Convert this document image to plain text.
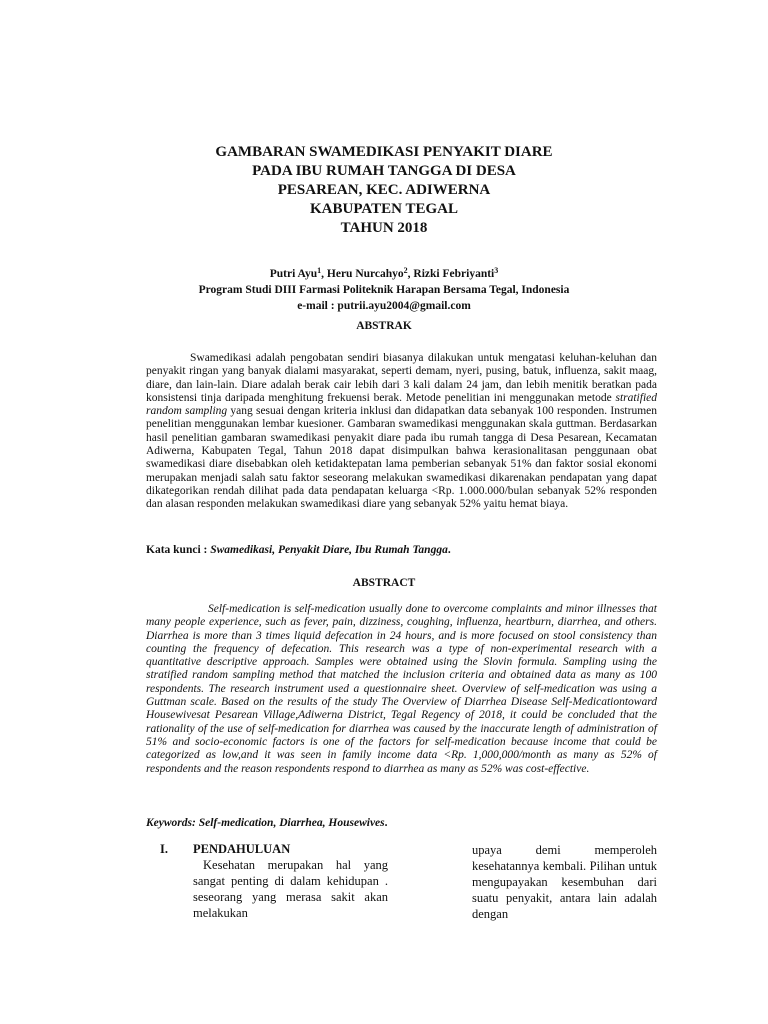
GAMBARAN SWAMEDIKASI PENYAKIT DIARE
PADA IBU RUMAH TANGGA DI DESA
PESAREAN, KEC. ADIWERNA
KABUPATEN TEGAL
TAHUN 2018
Putri Ayu$^1$, Heru Nurcahyo$^2$, Rizki Febriyanti$^3$
Program Studi DIII Farmasi Politeknik Harapan Bersama Tegal, Indonesia
e-mail : putrii.ayu2004@gmail.com
ABSTRAK

Swamedikasi adalah pengobatan sendiri biasanya dilakukan untuk mengatasi keluhan-keluhan dan penyakit ringan yang banyak dialami masyarakat, seperti demam, nyeri, pusing, batuk, influenza, sakit maag, diare, dan lain-lain. Diare adalah berak cair lebih dari 3 kali dalam 24 jam, dan lebih menitik beratkan pada konsistensi tinja daripada menghitung frekuensi berak. Metode penelitian ini menggunakan metode stratified random sampling yang sesuai dengan kriteria inklusi dan didapatkan data sebanyak 100 responden. Instrumen penelitian menggunakan lembar kuesioner. Gambaran swamedikasi menggunakan skala guttman. Berdasarkan hasil penelitian gambaran swamedikasi penyakit diare pada ibu rumah tangga di Desa Pesarean, Kecamatan Adiwerna, Kabupaten Tegal, Tahun 2018 dapat disimpulkan bahwa kerasionalitasan penggunaan obat swamedikasi diare disebabkan oleh ketidaktepatan lama pemberian sebanyak 51% dan faktor sosial ekonomi merupakan menjadi salah satu faktor seseorang melakukan swamedikasi dikarenakan pendapatan yang dapat dikategorikan rendah dilihat pada data pendapatan keluarga <Rp. 1.000.000/bulan sebanyak 52% responden dan alasan responden melakukan swamedikasi diare yang sebanyak 52% yaitu hemat biaya.

Kata kunci : Swamedikasi, Penyakit Diare, Ibu Rumah Tangga.
ABSTRACT

Self-medication is self-medication usually done to overcome complaints and minor illnesses that many people experience, such as fever, pain, dizziness, coughing, influenza, heartburn, diarrhea, and others. Diarrhea is more than 3 times liquid defecation in 24 hours, and is more focused on stool consistency than counting the frequency of defecation. This research was a type of non-experimental research with a quantitative descriptive approach. Samples were obtained using the Slovin formula. Sampling using the stratified random sampling method that matched the inclusion criteria and obtained data as many as 100 respondents. The research instrument used a questionnaire sheet. Overview of self-medication was using a Guttman scale. Based on the results of the study The Overview of Diarrhea Disease Self-Medicationtoward Housewivesat Pesarean Village,Adiwerna District, Tegal Regency of 2018, it could be concluded that the rationality of the use of self-medication for diarrhea was caused by the inaccurate length of administration of 51% and socio-economic factors is one of the factors for self-medication because income that could be categorized as low,and it was seen in family income data <Rp. 1,000,000/month as many as 52% of respondents and the reason respondents respond to diarrhea as many as 52% was cost-effective.

Keywords: Self-medication, Diarrhea, Housewives.
I.	PENDAHULUAN

Kesehatan merupakan hal yang sangat penting di dalam kehidupan . seseorang yang merasa sakit akan melakukan

upaya demi memperoleh kesehatannya kembali. Pilihan untuk mengupayakan kesembuhan dari suatu penyakit, antara lain adalah dengan
